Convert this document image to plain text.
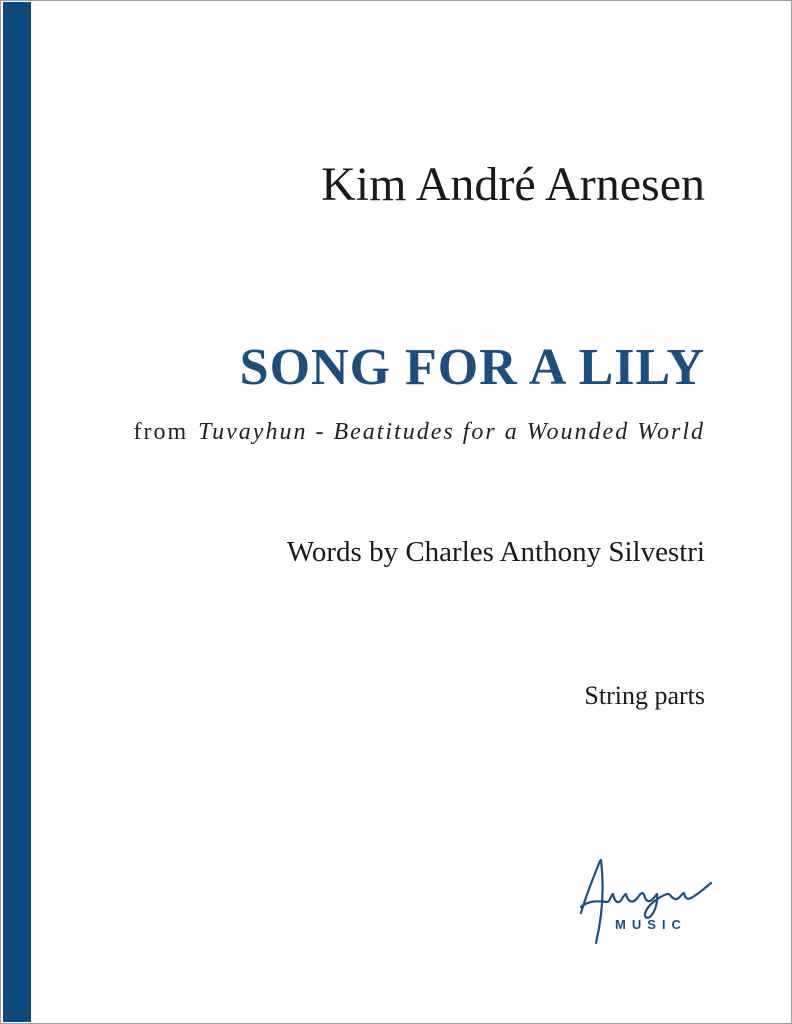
Kim André Arnesen
SONG FOR A LILY
from Tuvayhun - Beatitudes for a Wounded World
Words by Charles Anthony Silvestri
String parts
MUSIC
